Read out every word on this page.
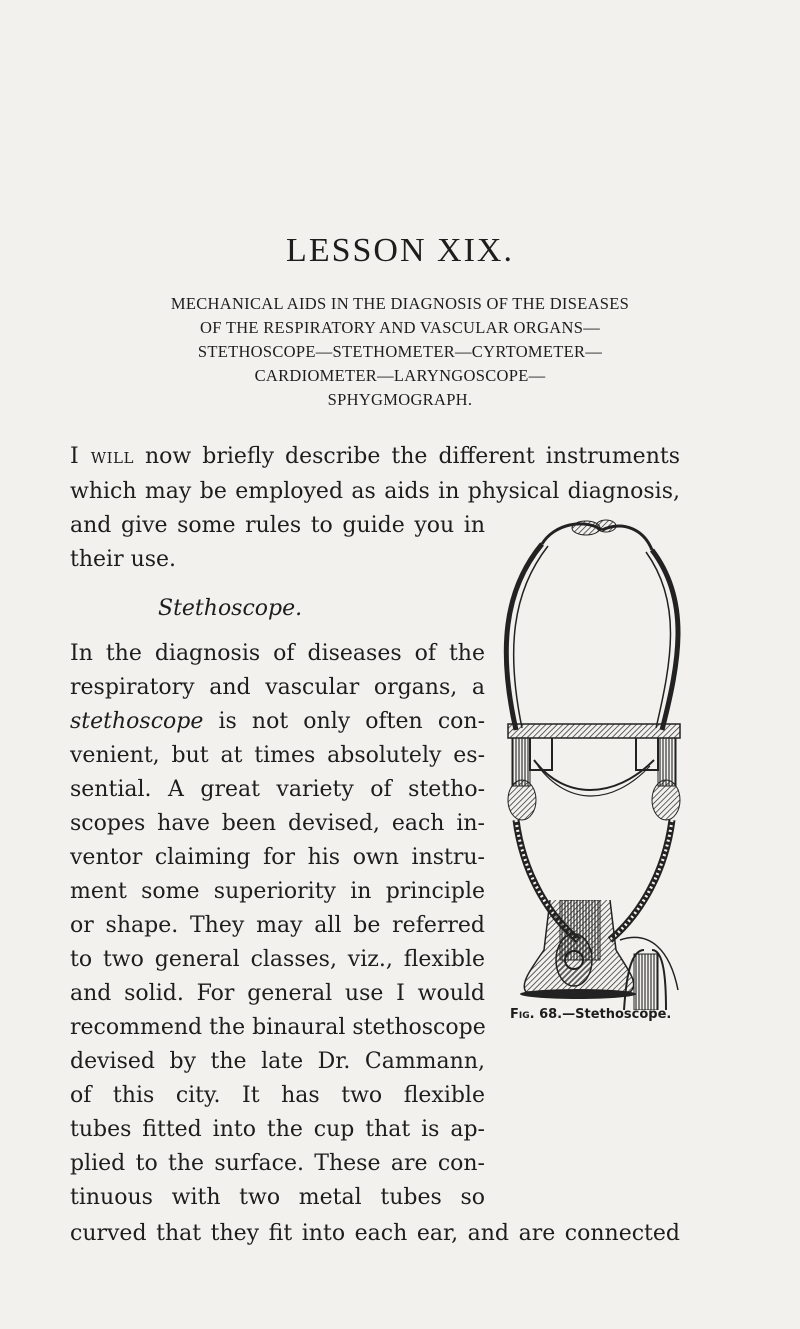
LESSON XIX.
MECHANICAL AIDS IN THE DIAGNOSIS OF THE DISEASES
OF THE RESPIRATORY AND VASCULAR ORGANS—
STETHOSCOPE—STETHOMETER—CYRTOMETER—
CARDIOMETER—LARYNGOSCOPE—
SPHYGMOGRAPH.
I will now briefly describe the different instruments
which may be employed as aids in physical diagnosis,
and give some rules to guide you in
their use.
Stethoscope.
In the diagnosis of diseases of the
respiratory and vascular organs, a
stethoscope is not only often con-
venient, but at times absolutely es-
sential. A great variety of stetho-
scopes have been devised, each in-
ventor claiming for his own instru-
ment some superiority in principle
or shape. They may all be referred
to two general classes, viz., flexible
and solid. For general use I would
recommend the binaural stethoscope
devised by the late Dr. Cammann,
of this city. It has two flexible
tubes fitted into the cup that is ap-
plied to the surface. These are con-
tinuous with two metal tubes so
curved that they fit into each ear, and are connected
Fig. 68.—Stethoscope.
